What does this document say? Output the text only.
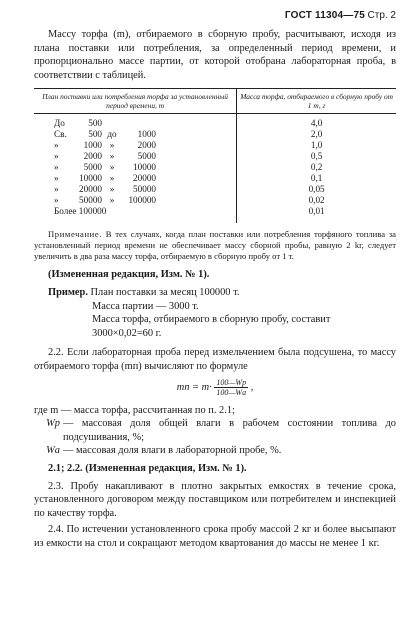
ГОСТ 11304—75 Стр. 2

Массу торфа (m), отбираемого в сборную пробу, расчитывают, исходя из плана поставки или потребления, за определенный период времени, и пропорционально массе партии, от которой отобрана лабораторная проба, в соответствии с таблицей.

План поставки или потребления торфа за установленный период времени, т	Масса торфа, отбираемого в сборную пробу от 1 т, г
До 500	4,0
Св. 500 до 1000	2,0
» 1000 » 2000	1,0
» 2000 » 5000	0,5
» 5000 » 10000	0,2
» 10000 » 20000	0,1
» 20000 » 50000	0,05
» 50000 » 100000	0,02
Более 100000	0,01

Примечание. В тех случаях, когда план поставки или потребления торфяного топлива за установленный период времени не обеспечивает массу сборной пробы, равную 2 kг, следует увеличить в два раза массу торфа, отбираемую в сборную пробу от 1 т.

(Измененная редакция, Изм. № 1).

Пример. План поставки за месяц 100000 т.

Масса партии — 3000 т.

Масса торфа, отбираемого в сборную пробу, составит

3000×0,02=60 г.

2.2. Если лабораторная проба перед измельчением была подсушена, то массу отбираемого торфа (mп) вычисляют по формуле

mп = $m\cdot \frac{100—Wр}{100—Wа}$ ,

где m — масса торфа, рассчитанная по п. 2.1;

Wр — массовая доля общей влаги в рабочем состоянии топлива до подсушивания, %;
Wа — массовая доля влаги в лабораторной пробе, %.

2.1; 2.2. (Измененная редакция, Изм. № 1).

2.3. Пробу накапливают в плотно закрытых емкостях в течение срока, установленного договором между поставщиком или потребителем и инспекцией по качеству торфа.

2.4. По истечении установленного срока пробу массой 2 кг и более высыпают из емкости на стол и сокращают методом квартования до массы не менее 1 кг.
